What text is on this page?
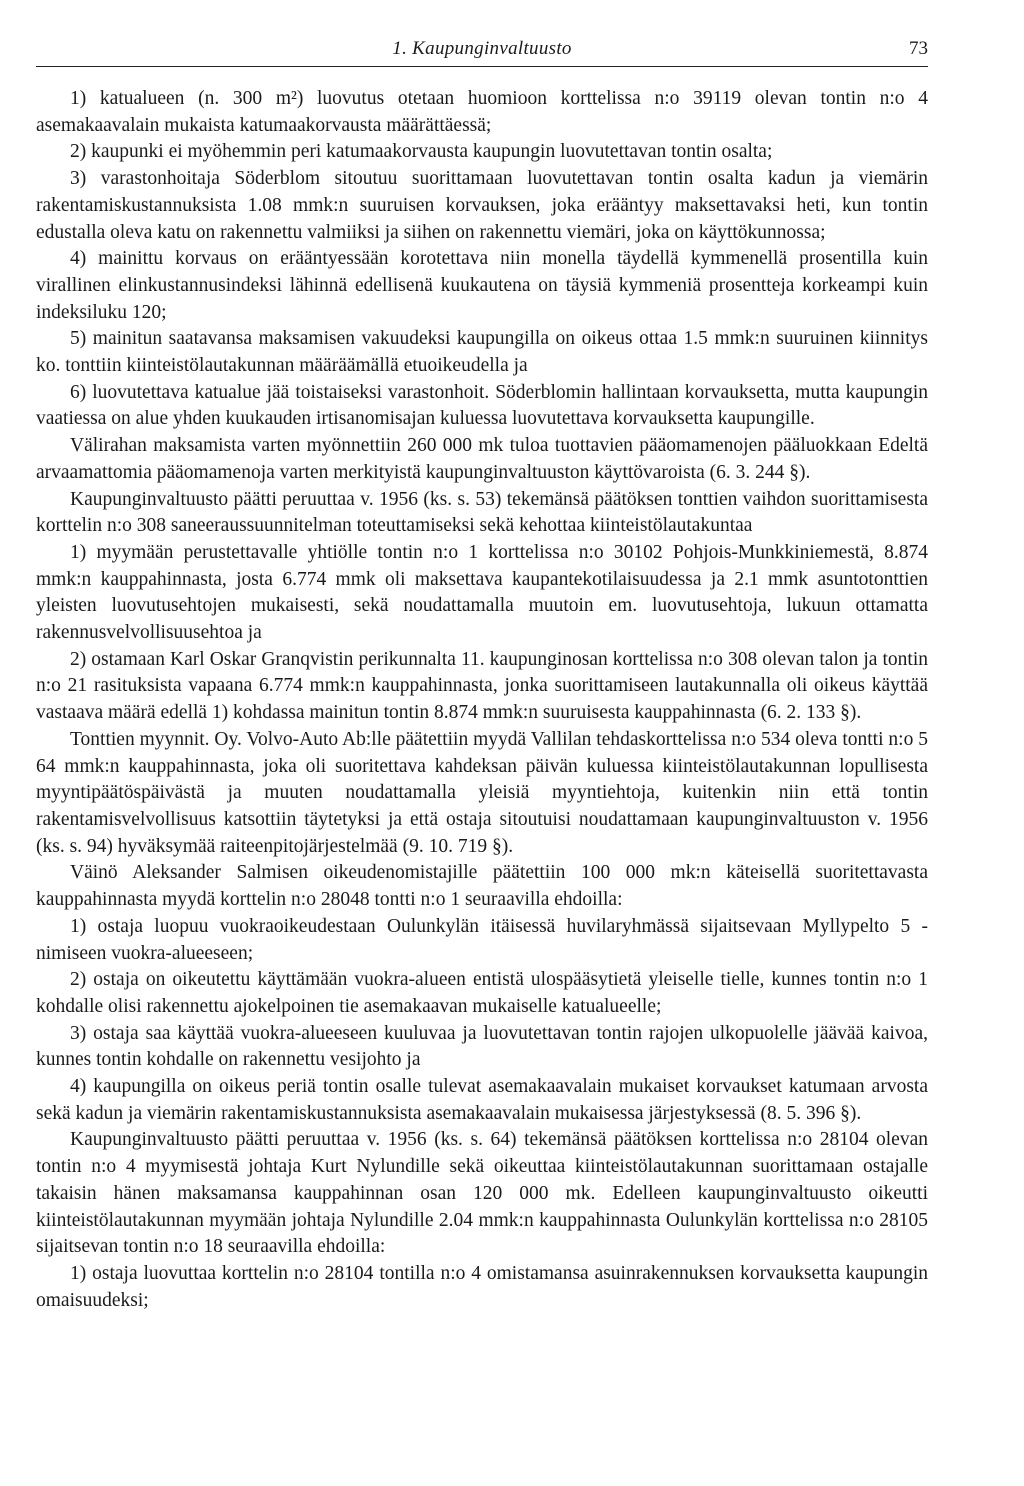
1. Kaupunginvaltuusto	73

1) katualueen (n. 300 m²) luovutus otetaan huomioon korttelissa n:o 39119 olevan tontin n:o 4 asemakaavalain mukaista katumaakorvausta määrättäessä;

2) kaupunki ei myöhemmin peri katumaakorvausta kaupungin luovutettavan tontin osalta;

3) varastonhoitaja Söderblom sitoutuu suorittamaan luovutettavan tontin osalta kadun ja viemärin rakentamiskustannuksista 1.08 mmk:n suuruisen korvauksen, joka erääntyy maksettavaksi heti, kun tontin edustalla oleva katu on rakennettu valmiiksi ja siihen on rakennettu viemäri, joka on käyttökunnossa;

4) mainittu korvaus on erääntyessään korotettava niin monella täydellä kymmenellä prosentilla kuin virallinen elinkustannusindeksi lähinnä edellisenä kuukautena on täysiä kymmeniä prosentteja korkeampi kuin indeksiluku 120;

5) mainitun saatavansa maksamisen vakuudeksi kaupungilla on oikeus ottaa 1.5 mmk:n suuruinen kiinnitys ko. tonttiin kiinteistölautakunnan määräämällä etuoikeudella ja

6) luovutettava katualue jää toistaiseksi varastonhoit. Söderblomin hallintaan korvauksetta, mutta kaupungin vaatiessa on alue yhden kuukauden irtisanomisajan kuluessa luovutettava korvauksetta kaupungille.

Välirahan maksamista varten myönnettiin 260 000 mk tuloa tuottavien pääomamenojen pääluokkaan Edeltä arvaamattomia pääomamenoja varten merkityistä kaupunginvaltuuston käyttövaroista (6. 3. 244 §).

Kaupunginvaltuusto päätti peruuttaa v. 1956 (ks. s. 53) tekemänsä päätöksen tonttien vaihdon suorittamisesta korttelin n:o 308 saneeraussuunnitelman toteuttamiseksi sekä kehottaa kiinteistölautakuntaa

1) myymään perustettavalle yhtiölle tontin n:o 1 korttelissa n:o 30102 Pohjois-Munkkiniemestä, 8.874 mmk:n kauppahinnasta, josta 6.774 mmk oli maksettava kaupantekotilaisuudessa ja 2.1 mmk asuntotonttien yleisten luovutusehtojen mukaisesti, sekä noudattamalla muutoin em. luovutusehtoja, lukuun ottamatta rakennusvelvollisuusehtoa ja

2) ostamaan Karl Oskar Granqvistin perikunnalta 11. kaupunginosan korttelissa n:o 308 olevan talon ja tontin n:o 21 rasituksista vapaana 6.774 mmk:n kauppahinnasta, jonka suorittamiseen lautakunnalla oli oikeus käyttää vastaava määrä edellä 1) kohdassa mainitun tontin 8.874 mmk:n suuruisesta kauppahinnasta (6. 2. 133 §).

Tonttien myynnit. Oy. Volvo-Auto Ab:lle päätettiin myydä Vallilan tehdaskorttelissa n:o 534 oleva tontti n:o 5 64 mmk:n kauppahinnasta, joka oli suoritettava kahdeksan päivän kuluessa kiinteistölautakunnan lopullisesta myyntipäätöspäivästä ja muuten noudattamalla yleisiä myyntiehtoja, kuitenkin niin että tontin rakentamisvelvollisuus katsottiin täytetyksi ja että ostaja sitoutuisi noudattamaan kaupunginvaltuuston v. 1956 (ks. s. 94) hyväksymää raiteenpitojärjestelmää (9. 10. 719 §).

Väinö Aleksander Salmisen oikeudenomistajille päätettiin 100 000 mk:n käteisellä suoritettavasta kauppahinnasta myydä korttelin n:o 28048 tontti n:o 1 seuraavilla ehdoilla:

1) ostaja luopuu vuokraoikeudestaan Oulunkylän itäisessä huvilaryhmässä sijaitsevaan Myllypelto 5 -nimiseen vuokra-alueeseen;

2) ostaja on oikeutettu käyttämään vuokra-alueen entistä ulospääsytietä yleiselle tielle, kunnes tontin n:o 1 kohdalle olisi rakennettu ajokelpoinen tie asemakaavan mukaiselle katualueelle;

3) ostaja saa käyttää vuokra-alueeseen kuuluvaa ja luovutettavan tontin rajojen ulkopuolelle jäävää kaivoa, kunnes tontin kohdalle on rakennettu vesijohto ja

4) kaupungilla on oikeus periä tontin osalle tulevat asemakaavalain mukaiset korvaukset katumaan arvosta sekä kadun ja viemärin rakentamiskustannuksista asemakaavalain mukaisessa järjestyksessä (8. 5. 396 §).

Kaupunginvaltuusto päätti peruuttaa v. 1956 (ks. s. 64) tekemänsä päätöksen korttelissa n:o 28104 olevan tontin n:o 4 myymisestä johtaja Kurt Nylundille sekä oikeuttaa kiinteistölautakunnan suorittamaan ostajalle takaisin hänen maksamansa kauppahinnan osan 120 000 mk. Edelleen kaupunginvaltuusto oikeutti kiinteistölautakunnan myymään johtaja Nylundille 2.04 mmk:n kauppahinnasta Oulunkylän korttelissa n:o 28105 sijaitsevan tontin n:o 18 seuraavilla ehdoilla:

1) ostaja luovuttaa korttelin n:o 28104 tontilla n:o 4 omistamansa asuinrakennuksen korvauksetta kaupungin omaisuudeksi;
